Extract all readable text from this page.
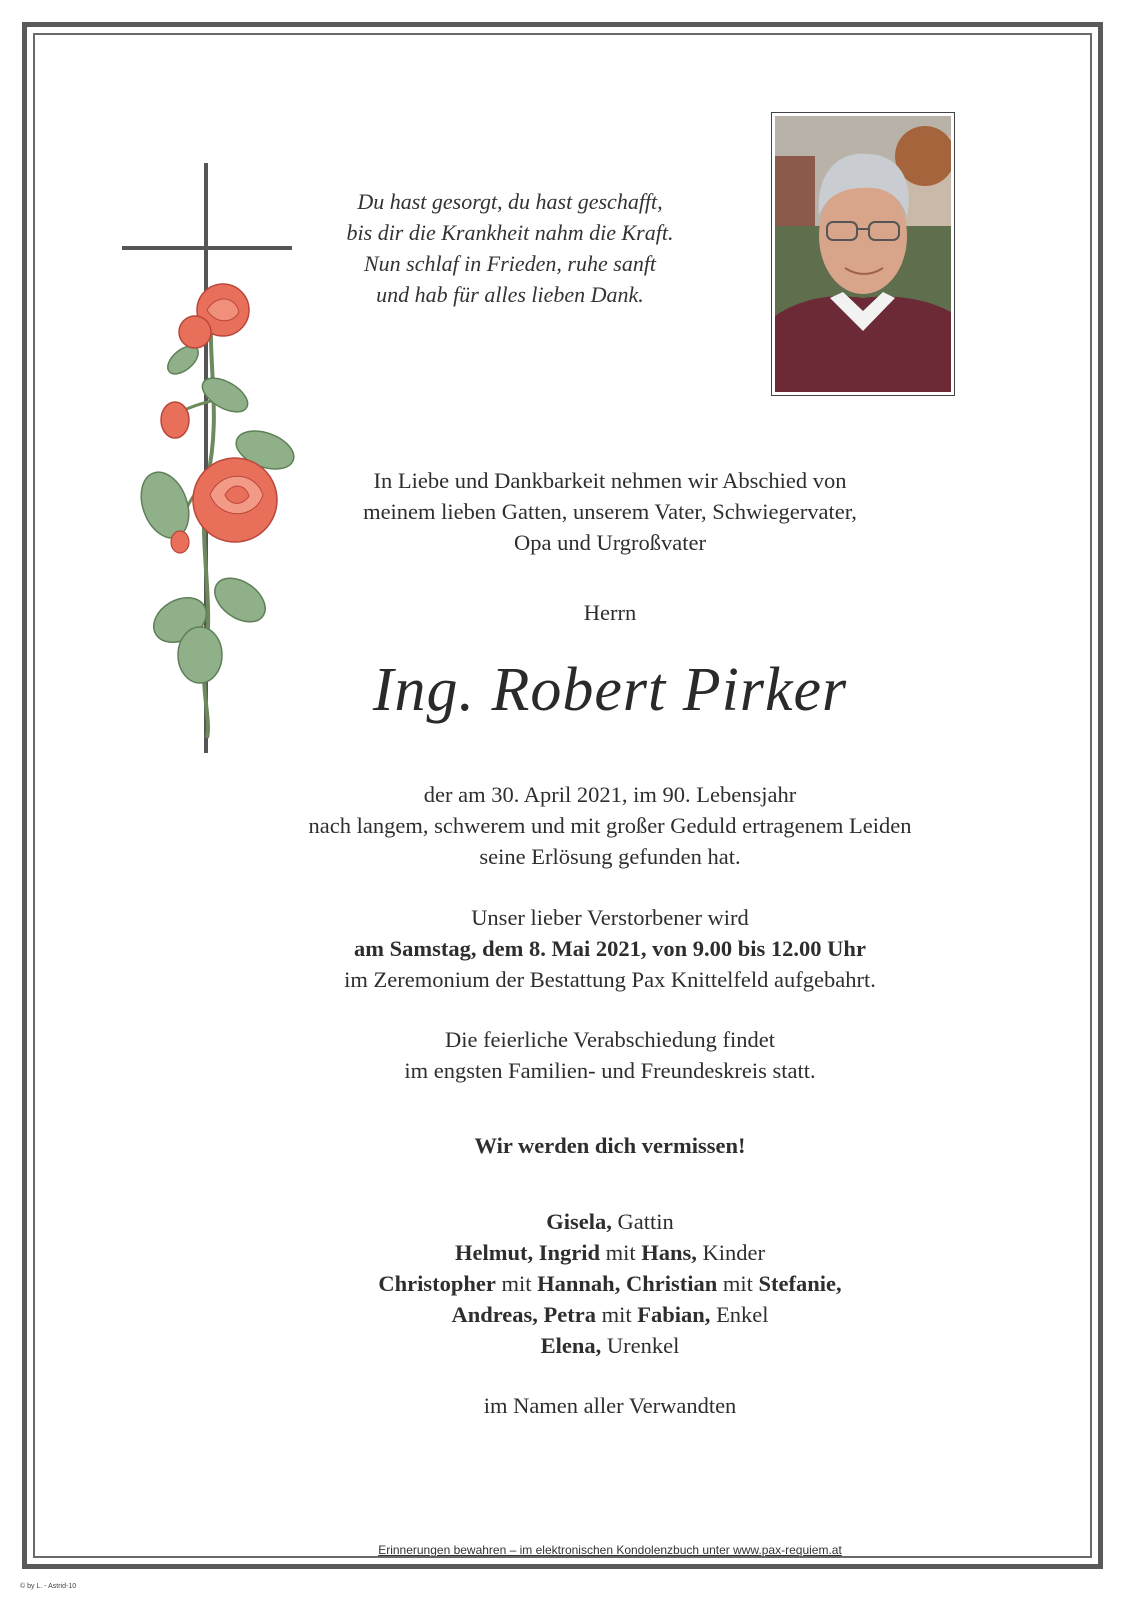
Du hast gesorgt, du hast geschafft,
bis dir die Krankheit nahm die Kraft.
Nun schlaf in Frieden, ruhe sanft
und hab für alles lieben Dank.
In Liebe und Dankbarkeit nehmen wir Abschied von
meinem lieben Gatten, unserem Vater, Schwiegervater,
Opa und Urgroßvater
Herrn
Ing. Robert Pirker
der am 30. April 2021, im 90. Lebensjahr
nach langem, schwerem und mit großer Geduld ertragenem Leiden
seine Erlösung gefunden hat.
Unser lieber Verstorbener wird
am Samstag, dem 8. Mai 2021, von 9.00 bis 12.00 Uhr
im Zeremonium der Bestattung Pax Knittelfeld aufgebahrt.
Die feierliche Verabschiedung findet
im engsten Familien- und Freundeskreis statt.
Wir werden dich vermissen!
Gisela, Gattin
Helmut, Ingrid mit Hans, Kinder
Christopher mit Hannah, Christian mit Stefanie,
Andreas, Petra mit Fabian, Enkel
Elena, Urenkel
im Namen aller Verwandten
Erinnerungen bewahren – im elektronischen Kondolenzbuch unter www.pax-requiem.at
© by L. - Astrid-10
